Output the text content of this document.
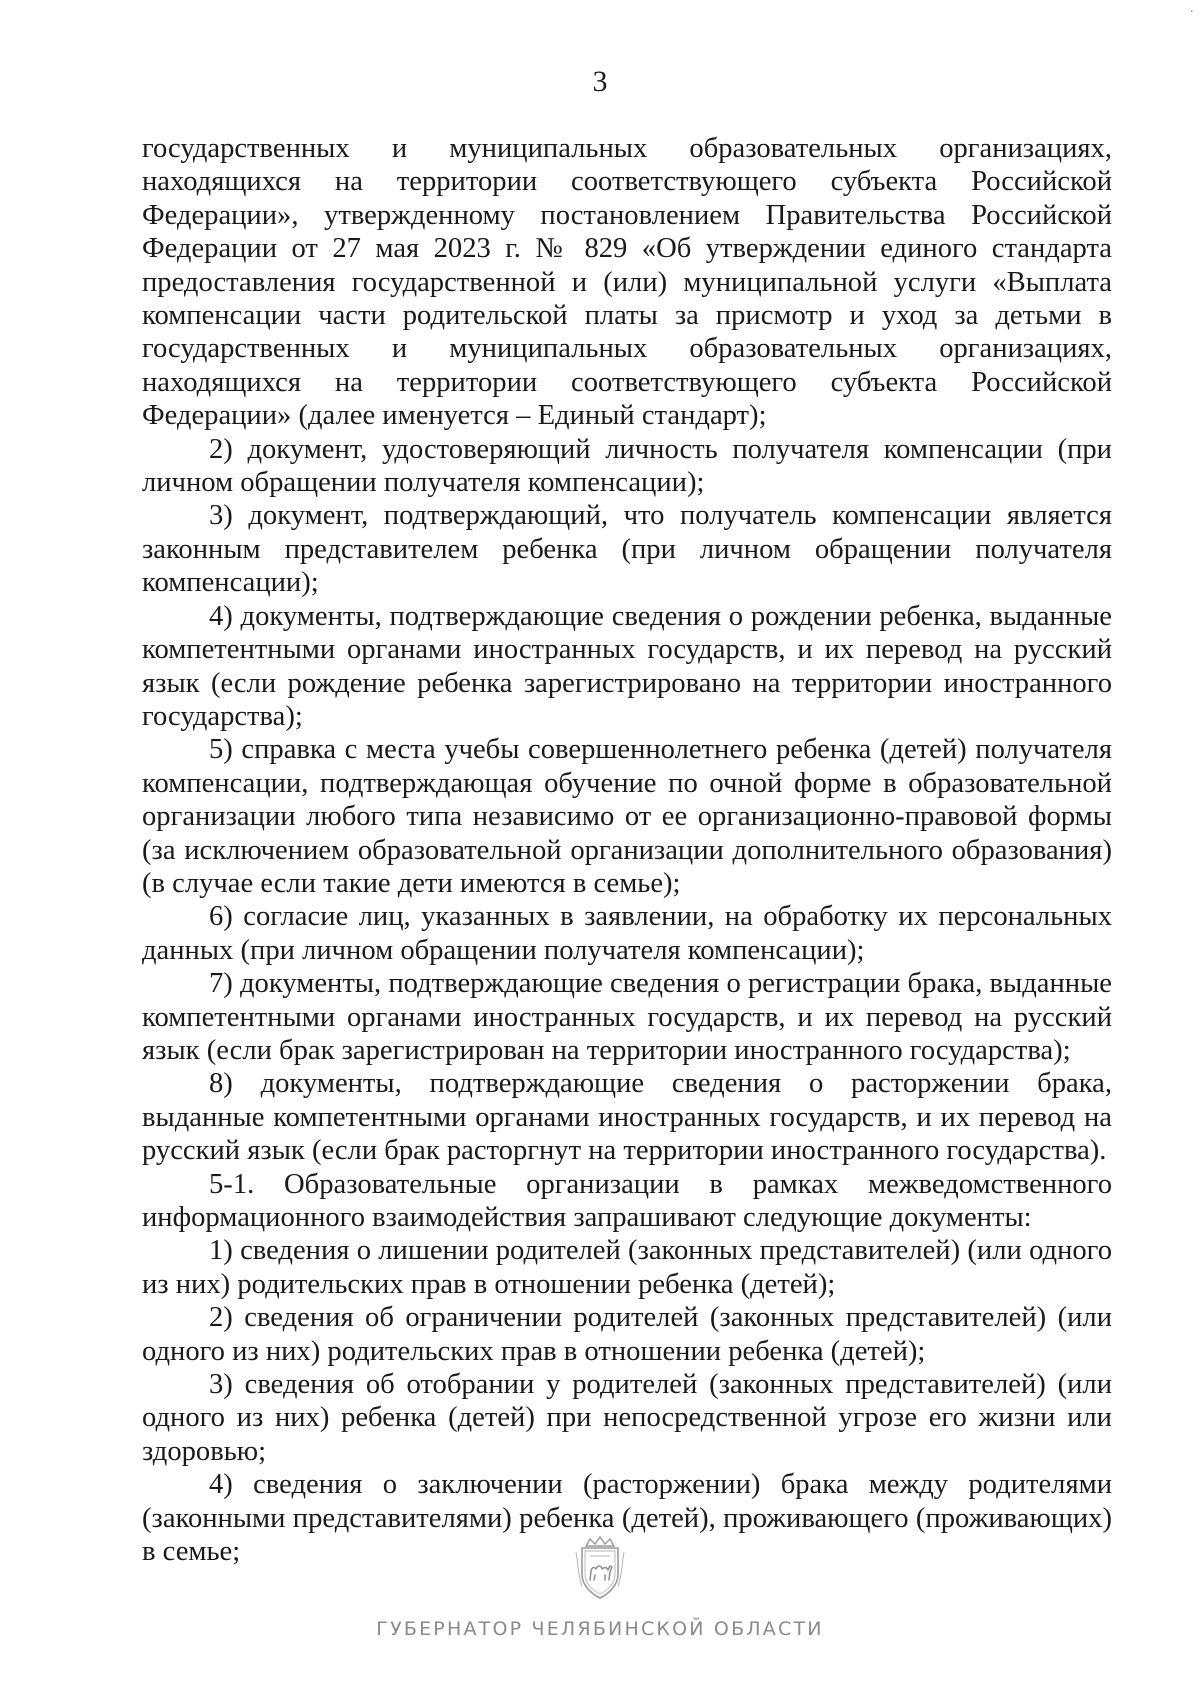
3

государственных и муниципальных образовательных организациях, находящихся на территории соответствующего субъекта Российской Федерации», утвержденному постановлением Правительства Российской Федерации от 27 мая 2023 г. № 829 «Об утверждении единого стандарта предоставления государственной и (или) муниципальной услуги «Выплата компенсации части родительской платы за присмотр и уход за детьми в государственных и муниципальных образовательных организациях, находящихся на территории соответствующего субъекта Российской Федерации» (далее именуется – Единый стандарт);

2) документ, удостоверяющий личность получателя компенсации (при личном обращении получателя компенсации);

3) документ, подтверждающий, что получатель компенсации является законным представителем ребенка (при личном обращении получателя компенсации);

4) документы, подтверждающие сведения о рождении ребенка, выданные компетентными органами иностранных государств, и их перевод на русский язык (если рождение ребенка зарегистрировано на территории иностранного государства);

5) справка с места учебы совершеннолетнего ребенка (детей) получателя компенсации, подтверждающая обучение по очной форме в образовательной организации любого типа независимо от ее организационно-правовой формы (за исключением образовательной организации дополнительного образования) (в случае если такие дети имеются в семье);

6) согласие лиц, указанных в заявлении, на обработку их персональных данных (при личном обращении получателя компенсации);

7) документы, подтверждающие сведения о регистрации брака, выданные компетентными органами иностранных государств, и их перевод на русский язык (если брак зарегистрирован на территории иностранного государства);

8) документы, подтверждающие сведения о расторжении брака, выданные компетентными органами иностранных государств, и их перевод на русский язык (если брак расторгнут на территории иностранного государства).

5-1. Образовательные организации в рамках межведомственного информационного взаимодействия запрашивают следующие документы:

1) сведения о лишении родителей (законных представителей) (или одного из них) родительских прав в отношении ребенка (детей);

2) сведения об ограничении родителей (законных представителей) (или одного из них) родительских прав в отношении ребенка (детей);

3) сведения об отобрании у родителей (законных представителей) (или одного из них) ребенка (детей) при непосредственной угрозе его жизни или здоровью;

4) сведения о заключении (расторжении) брака между родителями (законными представителями) ребенка (детей), проживающего (проживающих) в семье;

ГУБЕРНАТОР ЧЕЛЯБИНСКОЙ ОБЛАСТИ
·
